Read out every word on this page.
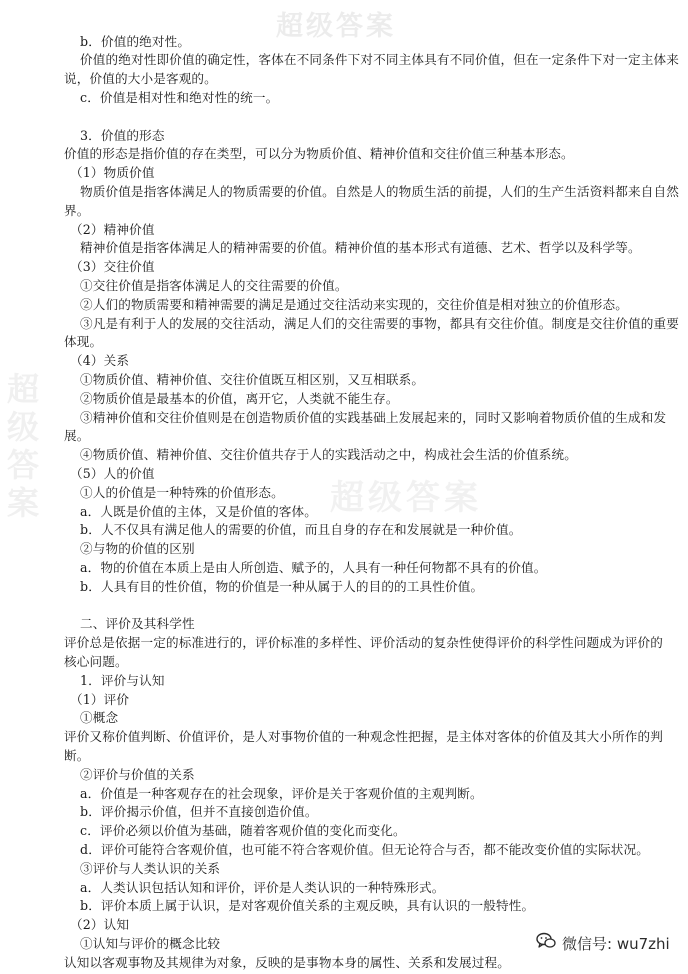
超级答案
超级答案
超级答案
b．价值的绝对性。
价值的绝对性即价值的确定性，客体在不同条件下对不同主体具有不同价值，但在一定条件下对一定主体来
说，价值的大小是客观的。
c．价值是相对性和绝对性的统一。
3．价值的形态
价值的形态是指价值的存在类型，可以分为物质价值、精神价值和交往价值三种基本形态。
（1）物质价值
物质价值是指客体满足人的物质需要的价值。自然是人的物质生活的前提，人们的生产生活资料都来自自然
界。
（2）精神价值
精神价值是指客体满足人的精神需要的价值。精神价值的基本形式有道德、艺术、哲学以及科学等。
（3）交往价值
①交往价值是指客体满足人的交往需要的价值。
②人们的物质需要和精神需要的满足是通过交往活动来实现的，交往价值是相对独立的价值形态。
③凡是有利于人的发展的交往活动，满足人们的交往需要的事物，都具有交往价值。制度是交往价值的重要
体现。
（4）关系
①物质价值、精神价值、交往价值既互相区别，又互相联系。
②物质价值是最基本的价值，离开它，人类就不能生存。
③精神价值和交往价值则是在创造物质价值的实践基础上发展起来的，同时又影响着物质价值的生成和发
展。
④物质价值、精神价值、交往价值共存于人的实践活动之中，构成社会生活的价值系统。
（5）人的价值
①人的价值是一种特殊的价值形态。
a．人既是价值的主体，又是价值的客体。
b．人不仅具有满足他人的需要的价值，而且自身的存在和发展就是一种价值。
②与物的价值的区别
a．物的价值在本质上是由人所创造、赋予的，人具有一种任何物都不具有的价值。
b．人具有目的性价值，物的价值是一种从属于人的目的的工具性价值。
二、评价及其科学性
评价总是依据一定的标准进行的，评价标准的多样性、评价活动的复杂性使得评价的科学性问题成为评价的
核心问题。
1．评价与认知
（1）评价
①概念
评价又称价值判断、价值评价，是人对事物价值的一种观念性把握，是主体对客体的价值及其大小所作的判
断。
②评价与价值的关系
a．价值是一种客观存在的社会现象，评价是关于客观价值的主观判断。
b．评价揭示价值，但并不直接创造价值。
c．评价必须以价值为基础，随着客观价值的变化而变化。
d．评价可能符合客观价值，也可能不符合客观价值。但无论符合与否，都不能改变价值的实际状况。
③评价与人类认识的关系
a．人类认识包括认知和评价，评价是人类认识的一种特殊形式。
b．评价本质上属于认识，是对客观价值关系的主观反映，具有认识的一般特性。
（2）认知
①认知与评价的概念比较
认知以客观事物及其规律为对象，反映的是事物本身的属性、关系和发展过程。
微信号: wu7zhi
